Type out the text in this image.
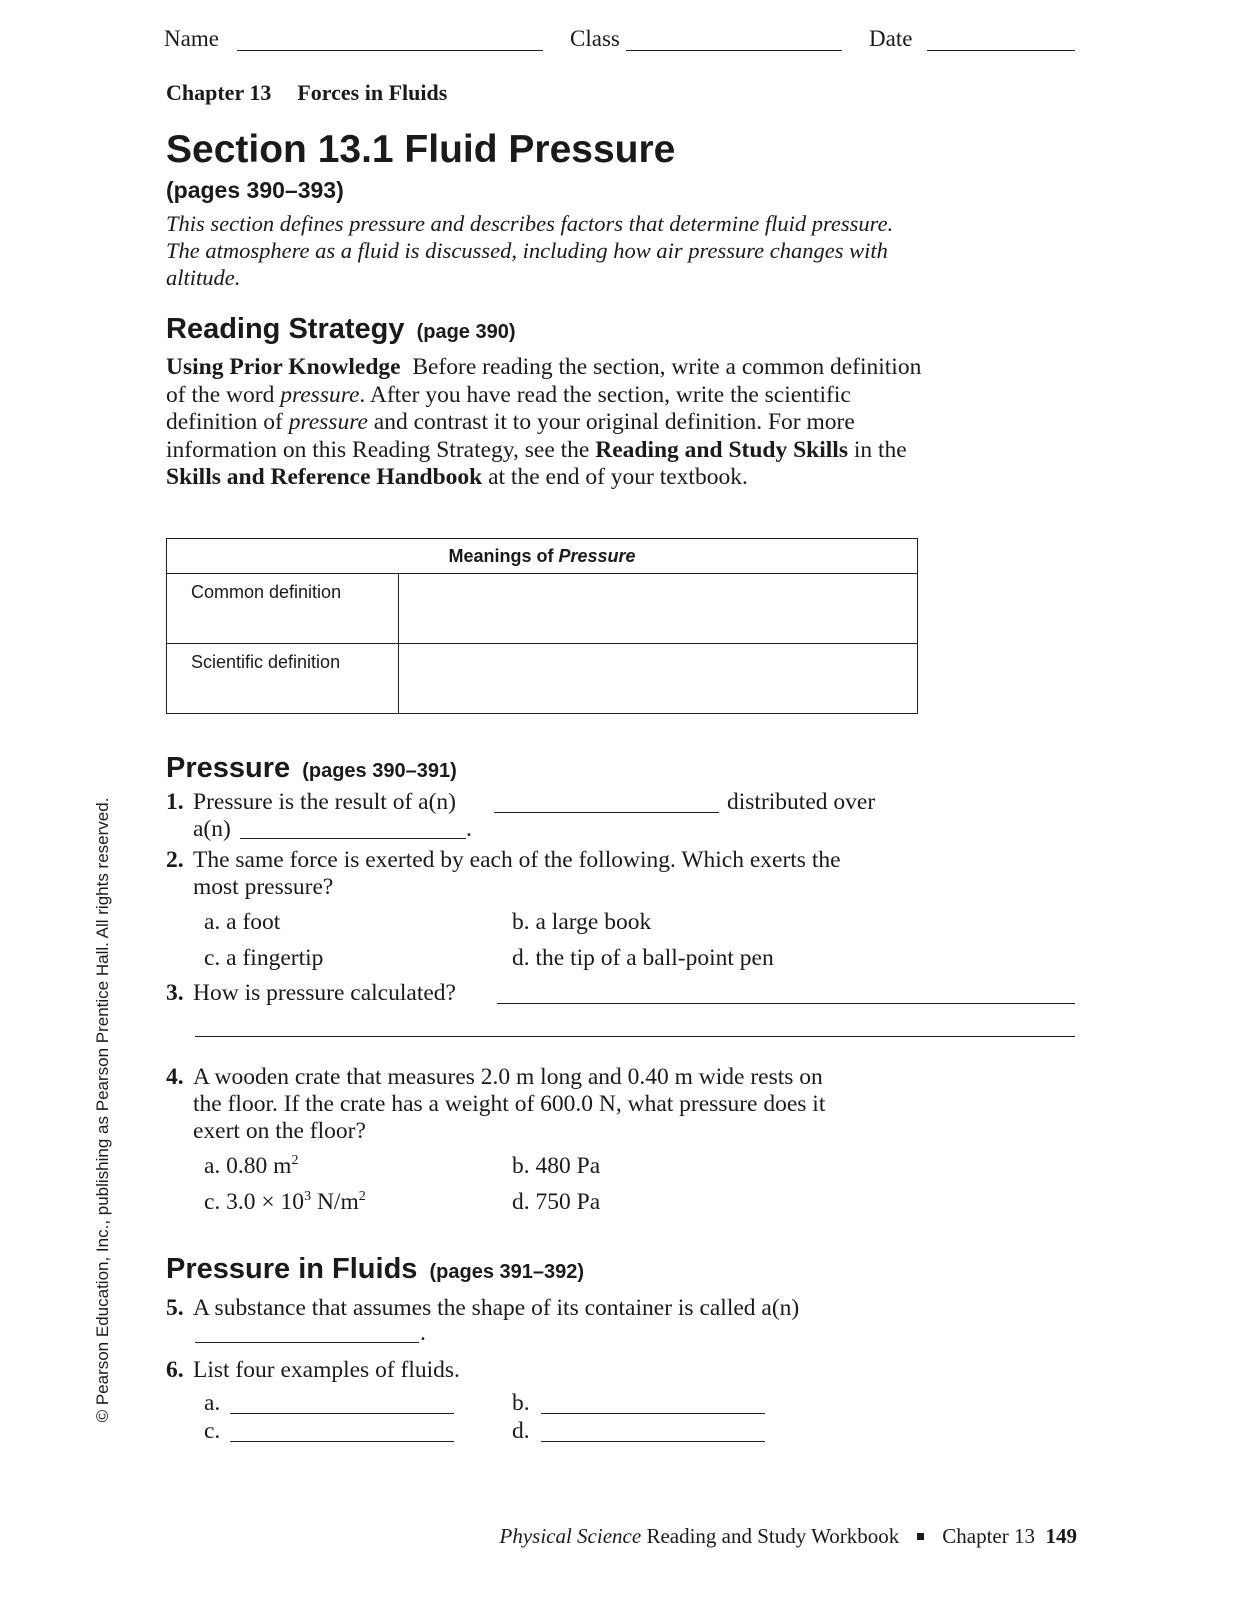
Name	Class	Date
Chapter 13 Forces in Fluids
Section 13.1 Fluid Pressure
(pages 390–393)
This section defines pressure and describes factors that determine fluid pressure. The atmosphere as a fluid is discussed, including how air pressure changes with altitude.
Reading Strategy (page 390)
Using Prior Knowledge Before reading the section, write a common definition of the word pressure. After you have read the section, write the scientific definition of pressure and contrast it to your original definition. For more information on this Reading Strategy, see the Reading and Study Skills in the Skills and Reference Handbook at the end of your textbook.
Meanings of Pressure	
Common definition	
Scientific definition	
Pressure (pages 390–391)
1. Pressure is the result of a(n)	distributed over
a(n)	.
2. The same force is exerted by each of the following. Which exerts the
most pressure?
a. a foot	b. a large book
c. a fingertip	d. the tip of a ball-point pen
3. How is pressure calculated?
4. A wooden crate that measures 2.0 m long and 0.40 m wide rests on
the floor. If the crate has a weight of 600.0 N, what pressure does it
exert on the floor?
a. 0.80 $m^2$	b. 480 Pa
c. $3.0 \times 10^3$ $N/m^2$	d. 750 Pa
Pressure in Fluids (pages 391–392)
5. A substance that assumes the shape of its container is called a(n)
.
6. List four examples of fluids.
a.	b.
c.	d.
Physical Science Reading and Study Workbook Chapter 13 149
© Pearson Education, Inc., publishing as Pearson Prentice Hall. All rights reserved.
